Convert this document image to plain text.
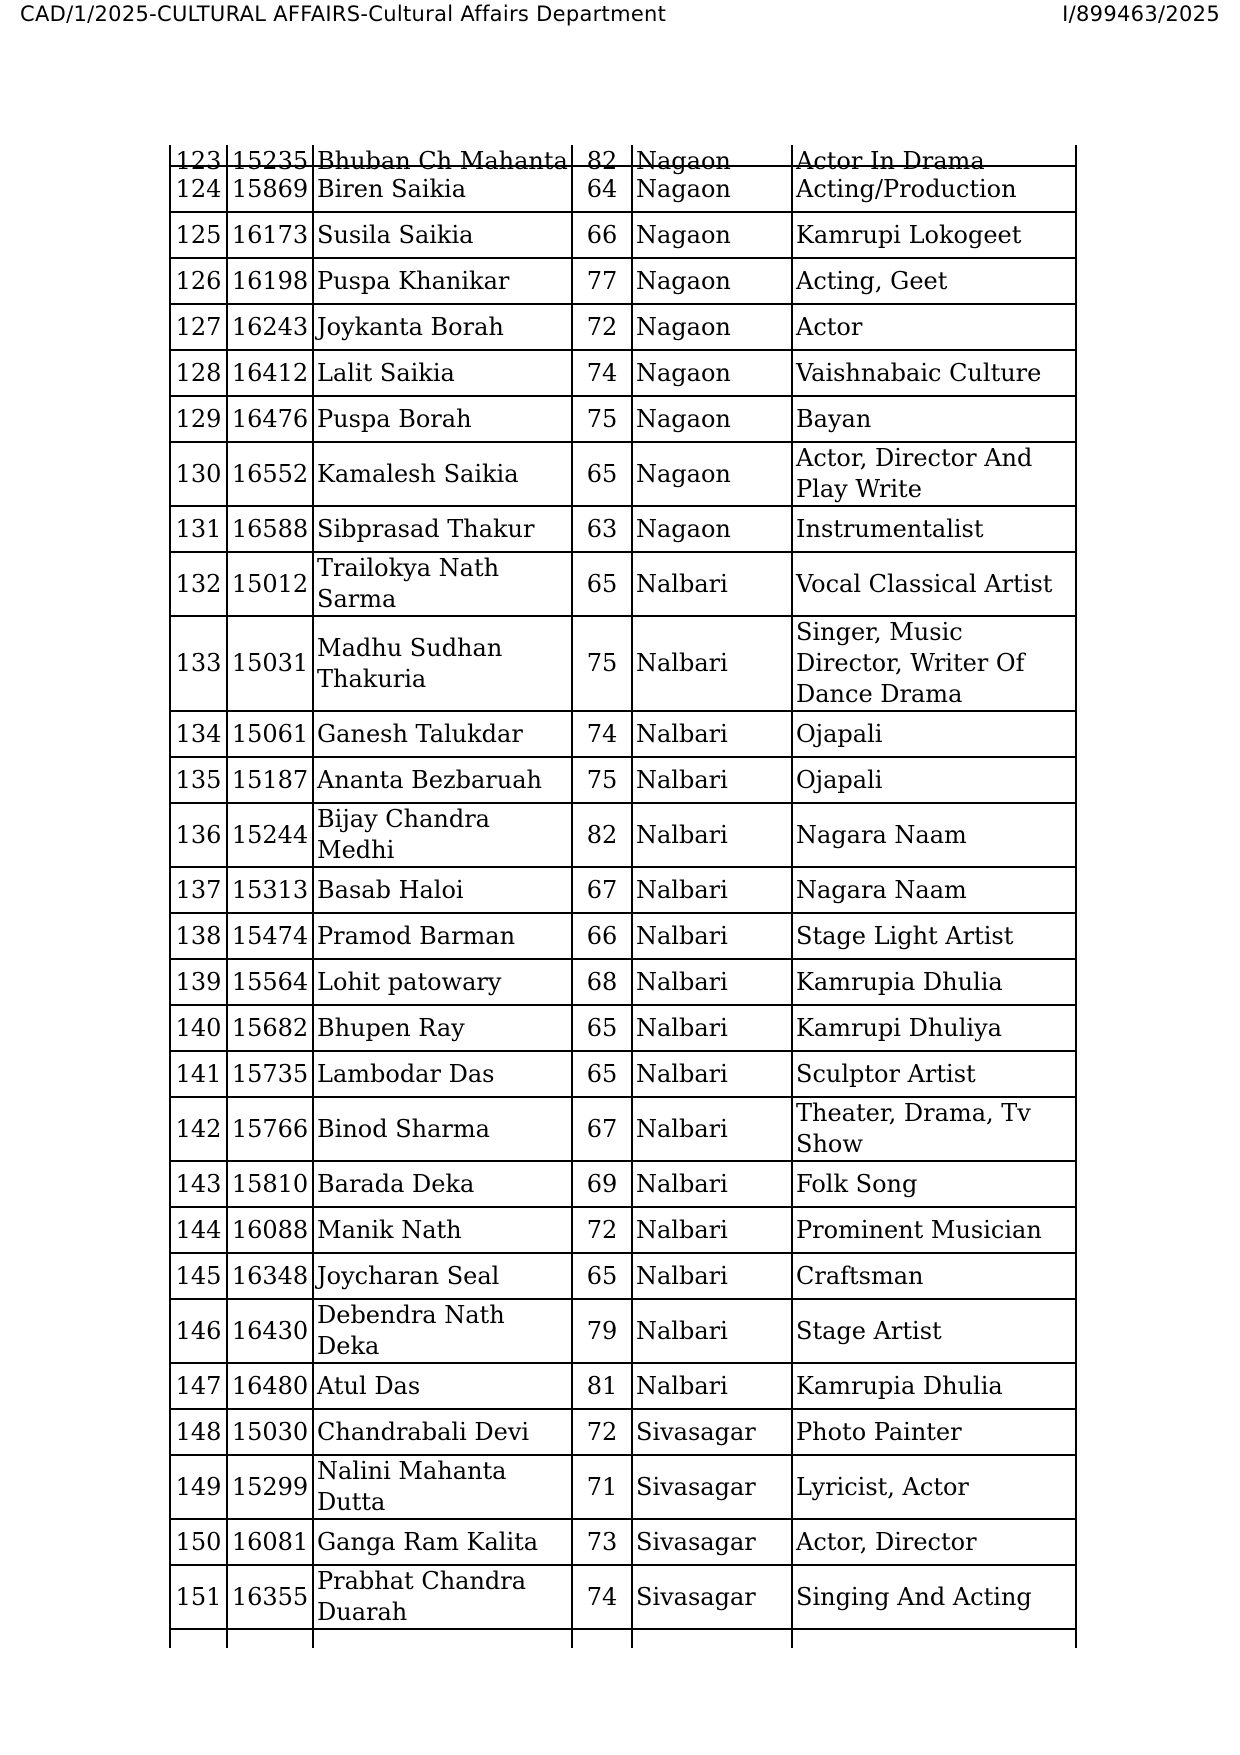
CAD/1/2025-CULTURAL AFFAIRS-Cultural Affairs Department	I/899463/2025
123	15235	Bhuban Ch Mahanta	82	Nagaon	Actor In Drama
124	15869	Biren Saikia	64	Nagaon	Acting/Production
125	16173	Susila Saikia	66	Nagaon	Kamrupi Lokogeet
126	16198	Puspa Khanikar	77	Nagaon	Acting, Geet
127	16243	Joykanta Borah	72	Nagaon	Actor
128	16412	Lalit Saikia	74	Nagaon	Vaishnabaic Culture
129	16476	Puspa Borah	75	Nagaon	Bayan
130	16552	Kamalesh Saikia	65	Nagaon	Actor, Director And Play Write
131	16588	Sibprasad Thakur	63	Nagaon	Instrumentalist
132	15012	Trailokya Nath Sarma	65	Nalbari	Vocal Classical Artist
133	15031	Madhu Sudhan Thakuria	75	Nalbari	Singer, Music Director, Writer Of Dance Drama
134	15061	Ganesh Talukdar	74	Nalbari	Ojapali
135	15187	Ananta Bezbaruah	75	Nalbari	Ojapali
136	15244	Bijay Chandra Medhi	82	Nalbari	Nagara Naam
137	15313	Basab Haloi	67	Nalbari	Nagara Naam
138	15474	Pramod Barman	66	Nalbari	Stage Light Artist
139	15564	Lohit patowary	68	Nalbari	Kamrupia Dhulia
140	15682	Bhupen Ray	65	Nalbari	Kamrupi Dhuliya
141	15735	Lambodar Das	65	Nalbari	Sculptor Artist
142	15766	Binod Sharma	67	Nalbari	Theater, Drama, Tv Show
143	15810	Barada Deka	69	Nalbari	Folk Song
144	16088	Manik Nath	72	Nalbari	Prominent Musician
145	16348	Joycharan Seal	65	Nalbari	Craftsman
146	16430	Debendra Nath Deka	79	Nalbari	Stage Artist
147	16480	Atul Das	81	Nalbari	Kamrupia Dhulia
148	15030	Chandrabali Devi	72	Sivasagar	Photo Painter
149	15299	Nalini Mahanta Dutta	71	Sivasagar	Lyricist, Actor
150	16081	Ganga Ram Kalita	73	Sivasagar	Actor, Director
151	16355	Prabhat Chandra Duarah	74	Sivasagar	Singing And Acting
